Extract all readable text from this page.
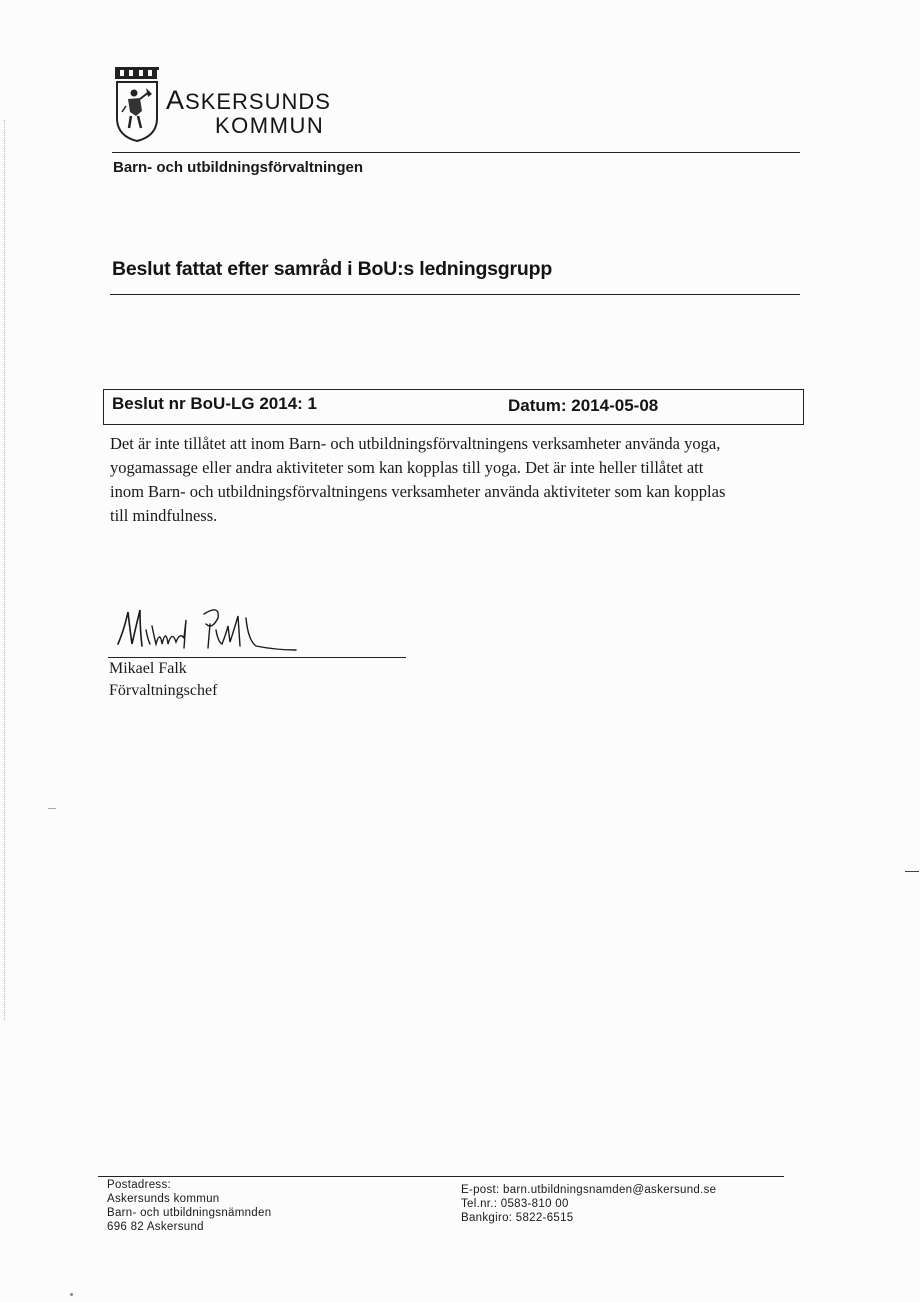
ASKERSUNDS
KOMMUN
Barn- och utbildningsförvaltningen
Beslut fattat efter samråd i BoU:s ledningsgrupp
Beslut nr BoU-LG 2014: 1	Datum: 2014-05-08
Det är inte tillåtet att inom Barn- och utbildningsförvaltningens verksamheter använda yoga,
yogamassage eller andra aktiviteter som kan kopplas till yoga. Det är inte heller tillåtet att
inom Barn- och utbildningsförvaltningens verksamheter använda aktiviteter som kan kopplas
till mindfulness.
Mikael Falk
Förvaltningschef
Postadress:
Askersunds kommun
Barn- och utbildningsnämnden
696 82 Askersund
E-post: barn.utbildningsnamden@askersund.se
Tel.nr.: 0583-810 00
Bankgiro: 5822-6515
